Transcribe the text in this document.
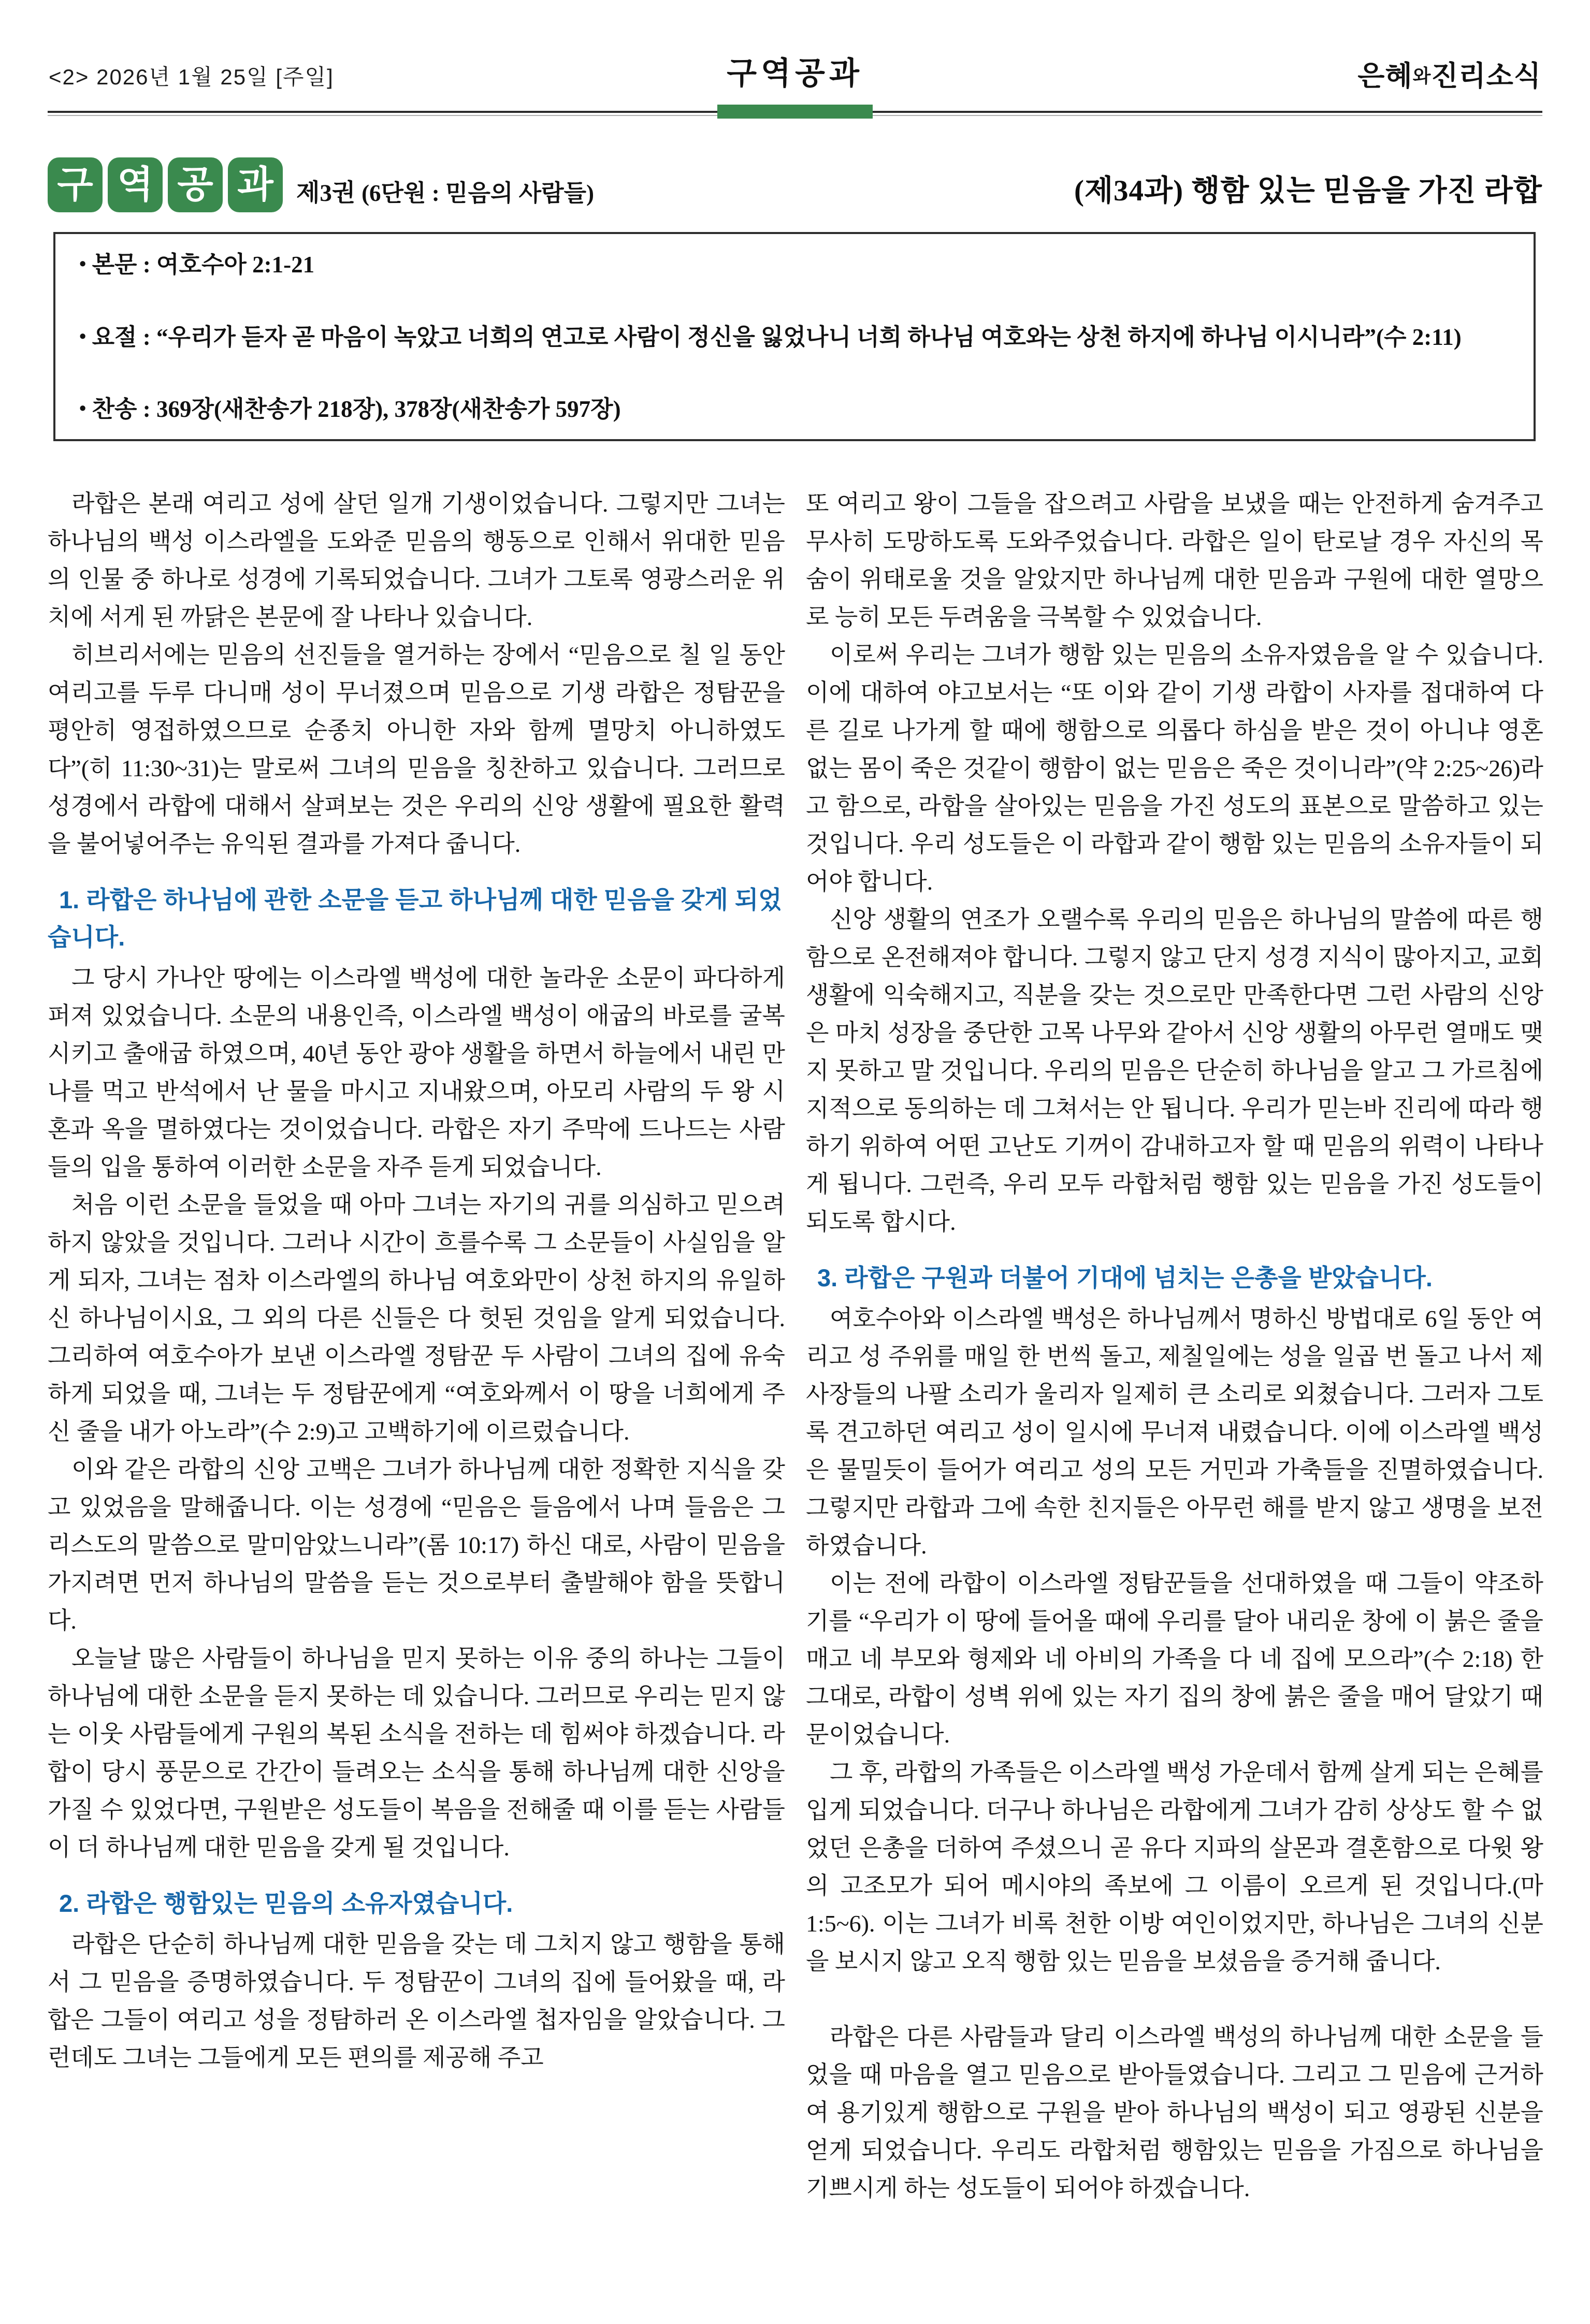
<2> 2026년 1월 25일 [주일]	구역공과	은혜와진리소식
구 역 공 과 제3권 (6단원 : 믿음의 사람들)	(제34과) 행함 있는 믿음을 가진 라합

• 본문 : 여호수아 2:1-21

• 요절 : “우리가 듣자 곧 마음이 녹았고 너희의 연고로 사람이 정신을 잃었나니 너희 하나님 여호와는 상천 하지에 하나님 이시니라”(수 2:11)

• 찬송 : 369장(새찬송가 218장), 378장(새찬송가 597장)

라합은 본래 여리고 성에 살던 일개 기생이었습니다. 그렇지만 그녀는 하나님의 백성 이스라엘을 도와준 믿음의 행동으로 인해서 위대한 믿음의 인물 중 하나로 성경에 기록되었습니다. 그녀가 그토록 영광스러운 위치에 서게 된 까닭은 본문에 잘 나타나 있습니다.

히브리서에는 믿음의 선진들을 열거하는 장에서 “믿음으로 칠 일 동안 여리고를 두루 다니매 성이 무너졌으며 믿음으로 기생 라합은 정탐꾼을 평안히 영접하였으므로 순종치 아니한 자와 함께 멸망치 아니하였도다”(히 11:30~31)는 말로써 그녀의 믿음을 칭찬하고 있습니다. 그러므로 성경에서 라합에 대해서 살펴보는 것은 우리의 신앙 생활에 필요한 활력을 불어넣어주는 유익된 결과를 가져다 줍니다.

1. 라합은 하나님에 관한 소문을 듣고 하나님께 대한 믿음을 갖게 되었습니다.

그 당시 가나안 땅에는 이스라엘 백성에 대한 놀라운 소문이 파다하게 퍼져 있었습니다. 소문의 내용인즉, 이스라엘 백성이 애굽의 바로를 굴복시키고 출애굽 하였으며, 40년 동안 광야 생활을 하면서 하늘에서 내린 만나를 먹고 반석에서 난 물을 마시고 지내왔으며, 아모리 사람의 두 왕 시혼과 옥을 멸하였다는 것이었습니다. 라합은 자기 주막에 드나드는 사람들의 입을 통하여 이러한 소문을 자주 듣게 되었습니다.

처음 이런 소문을 들었을 때 아마 그녀는 자기의 귀를 의심하고 믿으려 하지 않았을 것입니다. 그러나 시간이 흐를수록 그 소문들이 사실임을 알게 되자, 그녀는 점차 이스라엘의 하나님 여호와만이 상천 하지의 유일하신 하나님이시요, 그 외의 다른 신들은 다 헛된 것임을 알게 되었습니다. 그리하여 여호수아가 보낸 이스라엘 정탐꾼 두 사람이 그녀의 집에 유숙하게 되었을 때, 그녀는 두 정탐꾼에게 “여호와께서 이 땅을 너희에게 주신 줄을 내가 아노라”(수 2:9)고 고백하기에 이르렀습니다.

이와 같은 라합의 신앙 고백은 그녀가 하나님께 대한 정확한 지식을 갖고 있었음을 말해줍니다. 이는 성경에 “믿음은 들음에서 나며 들음은 그리스도의 말씀으로 말미암았느니라”(롬 10:17) 하신 대로, 사람이 믿음을 가지려면 먼저 하나님의 말씀을 듣는 것으로부터 출발해야 함을 뜻합니다.

오늘날 많은 사람들이 하나님을 믿지 못하는 이유 중의 하나는 그들이 하나님에 대한 소문을 듣지 못하는 데 있습니다. 그러므로 우리는 믿지 않는 이웃 사람들에게 구원의 복된 소식을 전하는 데 힘써야 하겠습니다. 라합이 당시 풍문으로 간간이 들려오는 소식을 통해 하나님께 대한 신앙을 가질 수 있었다면, 구원받은 성도들이 복음을 전해줄 때 이를 듣는 사람들이 더 하나님께 대한 믿음을 갖게 될 것입니다.

2. 라합은 행함있는 믿음의 소유자였습니다.

라합은 단순히 하나님께 대한 믿음을 갖는 데 그치지 않고 행함을 통해서 그 믿음을 증명하였습니다. 두 정탐꾼이 그녀의 집에 들어왔을 때, 라합은 그들이 여리고 성을 정탐하러 온 이스라엘 첩자임을 알았습니다. 그런데도 그녀는 그들에게 모든 편의를 제공해 주고

또 여리고 왕이 그들을 잡으려고 사람을 보냈을 때는 안전하게 숨겨주고 무사히 도망하도록 도와주었습니다. 라합은 일이 탄로날 경우 자신의 목숨이 위태로울 것을 알았지만 하나님께 대한 믿음과 구원에 대한 열망으로 능히 모든 두려움을 극복할 수 있었습니다.

이로써 우리는 그녀가 행함 있는 믿음의 소유자였음을 알 수 있습니다. 이에 대하여 야고보서는 “또 이와 같이 기생 라합이 사자를 접대하여 다른 길로 나가게 할 때에 행함으로 의롭다 하심을 받은 것이 아니냐 영혼 없는 몸이 죽은 것같이 행함이 없는 믿음은 죽은 것이니라”(약 2:25~26)라고 함으로, 라합을 살아있는 믿음을 가진 성도의 표본으로 말씀하고 있는 것입니다. 우리 성도들은 이 라합과 같이 행함 있는 믿음의 소유자들이 되어야 합니다.

신앙 생활의 연조가 오랠수록 우리의 믿음은 하나님의 말씀에 따른 행함으로 온전해져야 합니다. 그렇지 않고 단지 성경 지식이 많아지고, 교회 생활에 익숙해지고, 직분을 갖는 것으로만 만족한다면 그런 사람의 신앙은 마치 성장을 중단한 고목 나무와 같아서 신앙 생활의 아무런 열매도 맺지 못하고 말 것입니다. 우리의 믿음은 단순히 하나님을 알고 그 가르침에 지적으로 동의하는 데 그쳐서는 안 됩니다. 우리가 믿는바 진리에 따라 행하기 위하여 어떤 고난도 기꺼이 감내하고자 할 때 믿음의 위력이 나타나게 됩니다. 그런즉, 우리 모두 라합처럼 행함 있는 믿음을 가진 성도들이 되도록 합시다.

3. 라합은 구원과 더불어 기대에 넘치는 은총을 받았습니다.

여호수아와 이스라엘 백성은 하나님께서 명하신 방법대로 6일 동안 여리고 성 주위를 매일 한 번씩 돌고, 제칠일에는 성을 일곱 번 돌고 나서 제사장들의 나팔 소리가 울리자 일제히 큰 소리로 외쳤습니다. 그러자 그토록 견고하던 여리고 성이 일시에 무너져 내렸습니다. 이에 이스라엘 백성은 물밀듯이 들어가 여리고 성의 모든 거민과 가축들을 진멸하였습니다. 그렇지만 라합과 그에 속한 친지들은 아무런 해를 받지 않고 생명을 보전하였습니다.

이는 전에 라합이 이스라엘 정탐꾼들을 선대하였을 때 그들이 약조하기를 “우리가 이 땅에 들어올 때에 우리를 달아 내리운 창에 이 붉은 줄을 매고 네 부모와 형제와 네 아비의 가족을 다 네 집에 모으라”(수 2:18) 한 그대로, 라합이 성벽 위에 있는 자기 집의 창에 붉은 줄을 매어 달았기 때문이었습니다.

그 후, 라합의 가족들은 이스라엘 백성 가운데서 함께 살게 되는 은혜를 입게 되었습니다. 더구나 하나님은 라합에게 그녀가 감히 상상도 할 수 없었던 은총을 더하여 주셨으니 곧 유다 지파의 살몬과 결혼함으로 다윗 왕의 고조모가 되어 메시야의 족보에 그 이름이 오르게 된 것입니다.(마 1:5~6). 이는 그녀가 비록 천한 이방 여인이었지만, 하나님은 그녀의 신분을 보시지 않고 오직 행함 있는 믿음을 보셨음을 증거해 줍니다.

라합은 다른 사람들과 달리 이스라엘 백성의 하나님께 대한 소문을 들었을 때 마음을 열고 믿음으로 받아들였습니다. 그리고 그 믿음에 근거하여 용기있게 행함으로 구원을 받아 하나님의 백성이 되고 영광된 신분을 얻게 되었습니다. 우리도 라합처럼 행함있는 믿음을 가짐으로 하나님을 기쁘시게 하는 성도들이 되어야 하겠습니다.
